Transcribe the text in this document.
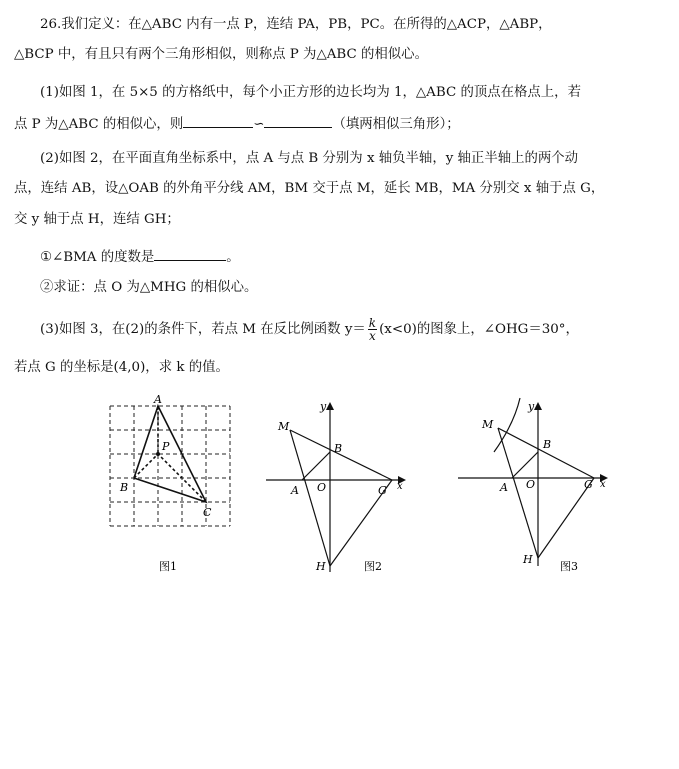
26.我们定义：在△ABC 内有一点 P，连结 PA，PB，PC。在所得的△ACP，△ABP，
△BCP 中，有且只有两个三角形相似，则称点 P 为△ABC 的相似心。
(1)如图 1，在 5×5 的方格纸中，每个小正方形的边长均为 1，△ABC 的顶点在格点上，若
点 P 为△ABC 的相似心，则	∽	（填两相似三角形）；
(2)如图 2，在平面直角坐标系中，点 A 与点 B 分别为 x 轴负半轴，y 轴正半轴上的两个动
点，连结 AB，设△OAB 的外角平分线 AM，BM 交于点 M，延长 MB，MA 分别交 x 轴于点 G，
交 y 轴于点 H，连结 GH；
①∠BMA 的度数是	。
②求证：点 O 为△MHG 的相似心。
(3)如图 3，在(2)的条件下，若点 M 在反比例函数 $y= \frac{k}{x} (x<0)$的图象上，∠OHG＝30°，
若点 G 的坐标是(4,0)，求 k 的值。
A
P
B
C
图1
M
y
B
A O	G x
H	图2
M
y
B
A O	G x
H
图3
